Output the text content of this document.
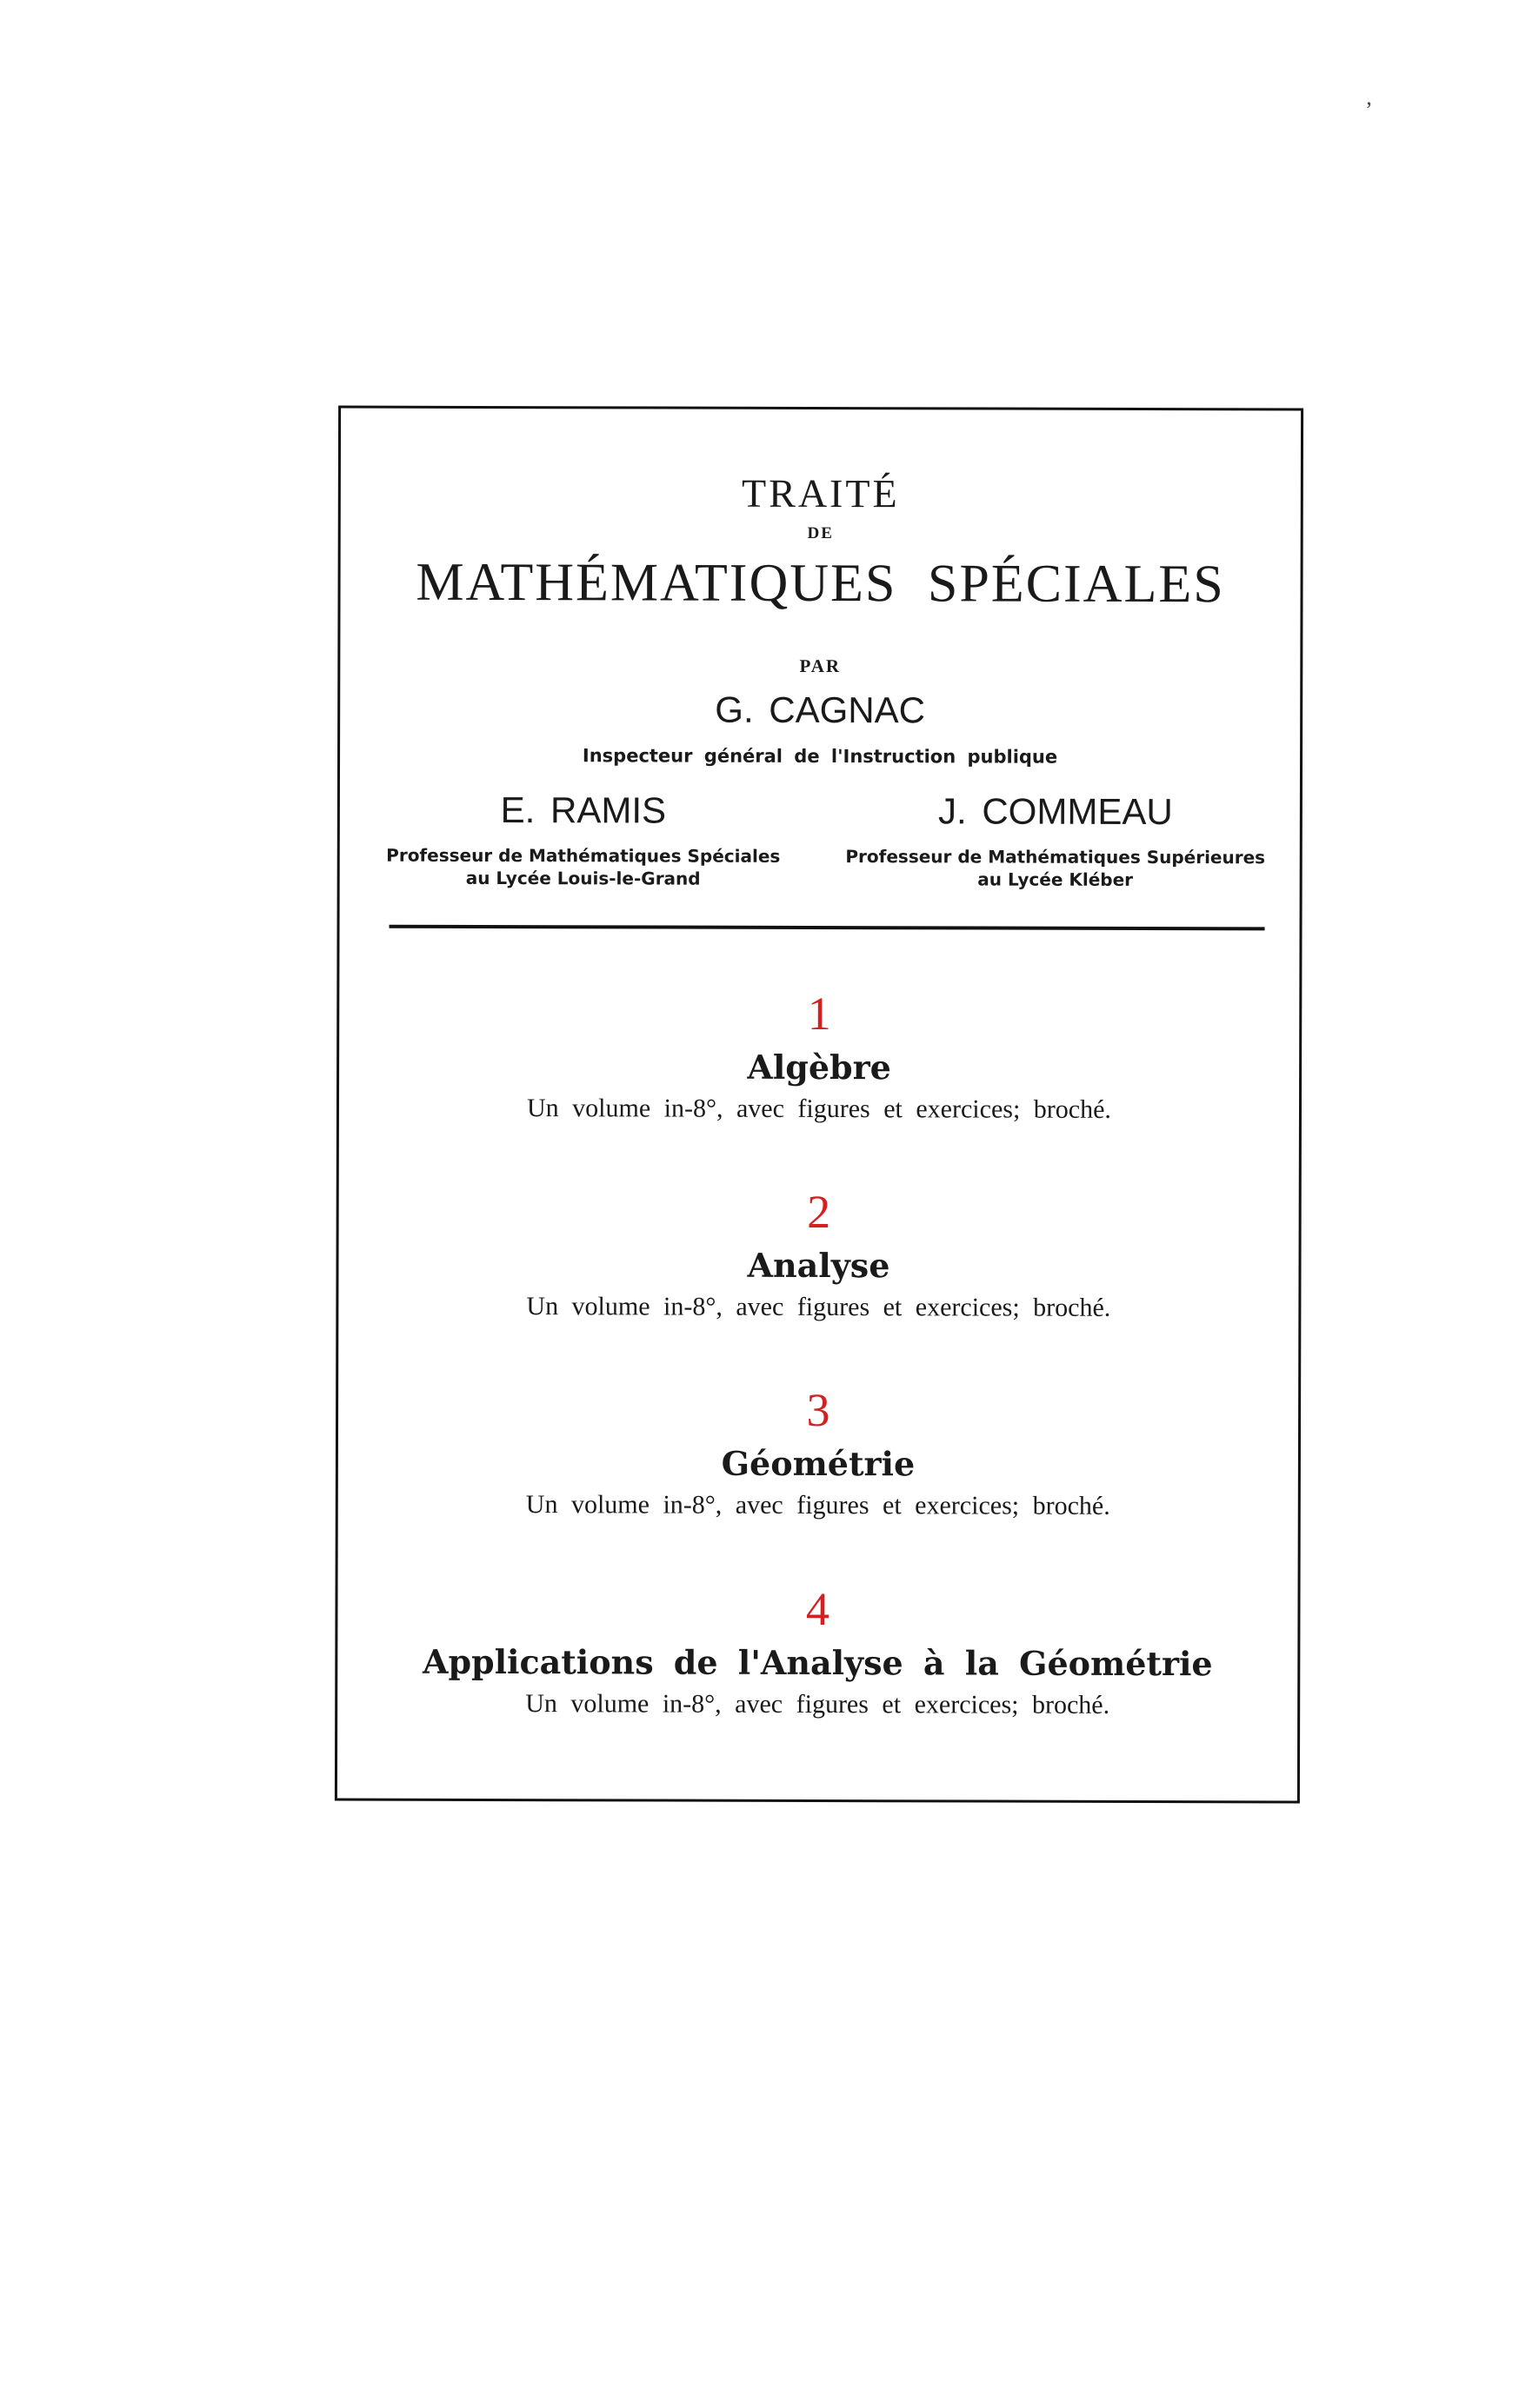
ʼ
TRAITÉ
DE
MATHÉMATIQUES SPÉCIALES
PAR
G. CAGNAC
Inspecteur général de l'Instruction publique
E. RAMIS
Professeur de Mathématiques Spéciales
au Lycée Louis-le-Grand
J. COMMEAU
Professeur de Mathématiques Supérieures
au Lycée Kléber
1
Algèbre
Un volume in-8°, avec figures et exercices; broché.
2
Analyse
Un volume in-8°, avec figures et exercices; broché.
3
Géométrie
Un volume in-8°, avec figures et exercices; broché.
4
Applications de l'Analyse à la Géométrie
Un volume in-8°, avec figures et exercices; broché.
